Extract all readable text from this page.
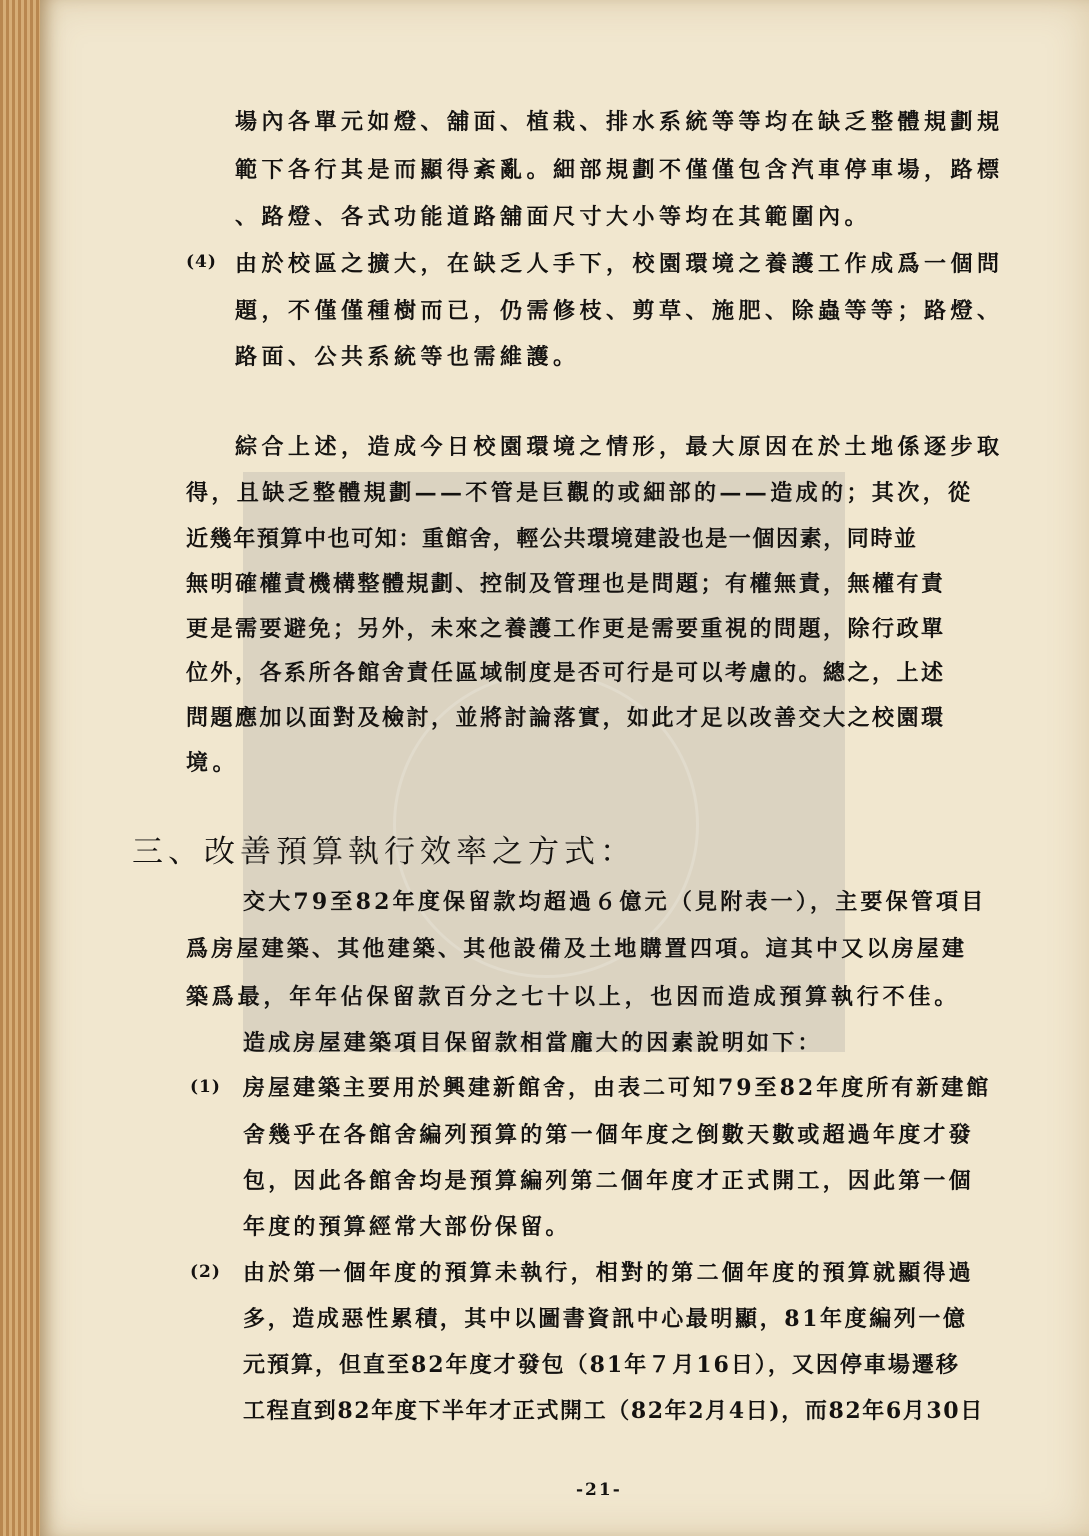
場內各單元如燈、舖面、植栽、排水系統等等均在缺乏整體規劃規
範下各行其是而顯得紊亂。細部規劃不僅僅包含汽車停車場，路標
、路燈、各式功能道路舖面尺寸大小等均在其範圍內。
(4) 由於校區之擴大，在缺乏人手下，校園環境之養護工作成爲一個問
題，不僅僅種樹而已，仍需修枝、剪草、施肥、除蟲等等；路燈、
路面、公共系統等也需維護。
綜合上述，造成今日校園環境之情形，最大原因在於土地係逐步取
得，且缺乏整體規劃——不管是巨觀的或細部的——造成的；其次，從
近幾年預算中也可知：重館舍，輕公共環境建設也是一個因素，同時並
無明確權責機構整體規劃、控制及管理也是問題；有權無責，無權有責
更是需要避免；另外，未來之養護工作更是需要重視的問題，除行政單
位外，各系所各館舍責任區域制度是否可行是可以考慮的。總之，上述
問題應加以面對及檢討，並將討論落實，如此才足以改善交大之校園環
境。
三、改善預算執行效率之方式：
交大79至82年度保留款均超過６億元（見附表一），主要保管項目
爲房屋建築、其他建築、其他設備及土地購置四項。這其中又以房屋建
築爲最，年年佔保留款百分之七十以上，也因而造成預算執行不佳。
造成房屋建築項目保留款相當龐大的因素說明如下：
(1) 房屋建築主要用於興建新館舍，由表二可知79至82年度所有新建館
舍幾乎在各館舍編列預算的第一個年度之倒數天數或超過年度才發
包，因此各館舍均是預算編列第二個年度才正式開工，因此第一個
年度的預算經常大部份保留。
(2) 由於第一個年度的預算未執行，相對的第二個年度的預算就顯得過
多，造成惡性累積，其中以圖書資訊中心最明顯，81年度編列一億
元預算，但直至82年度才發包（81年７月16日），又因停車場遷移
工程直到82年度下半年才正式開工（82年2月4日)，而82年6月30日
-21-
